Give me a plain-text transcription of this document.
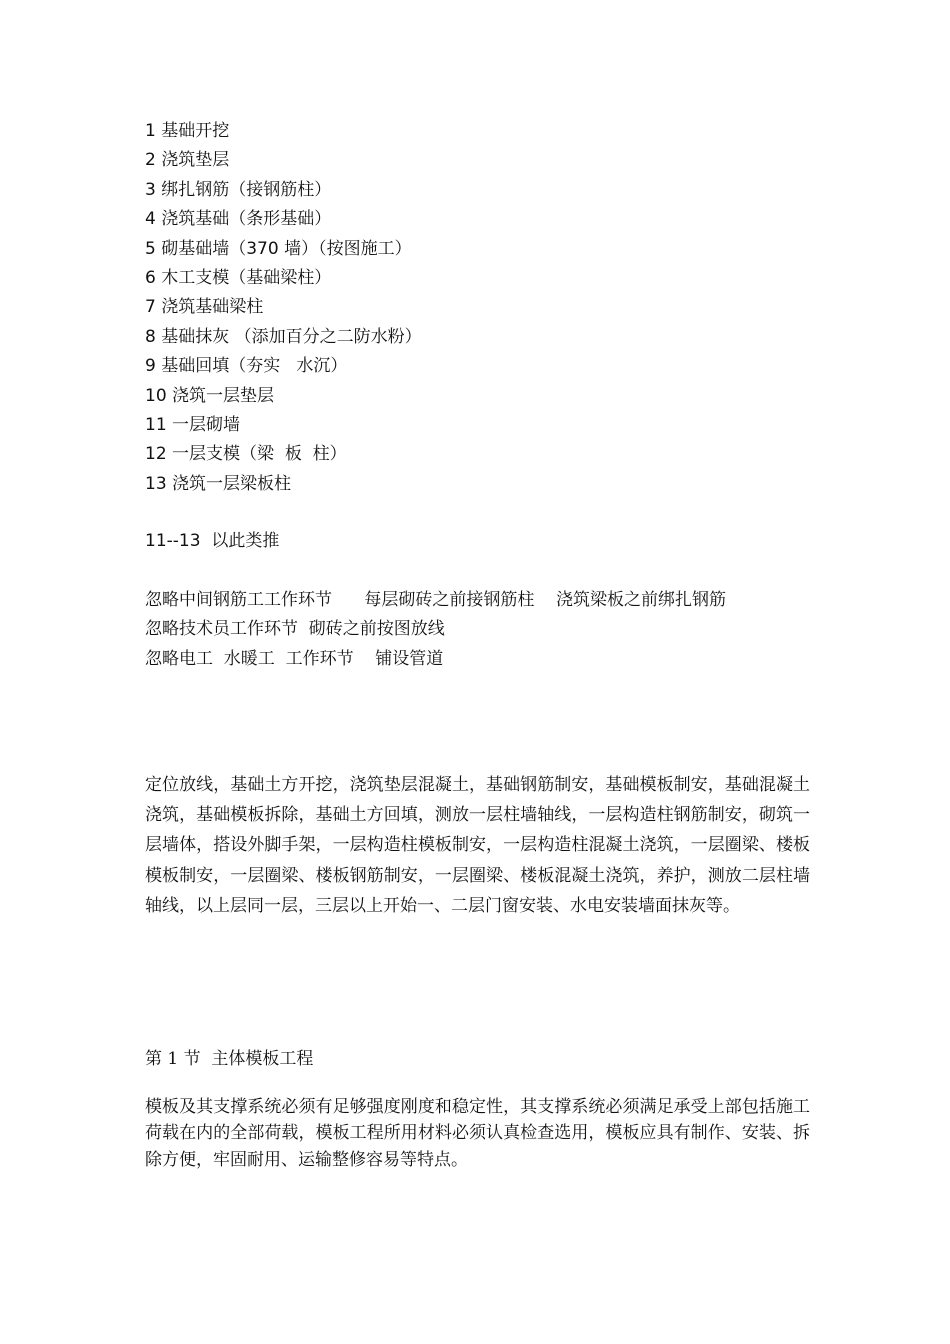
1 基础开挖
2 浇筑垫层
3 绑扎钢筋（接钢筋柱）
4 浇筑基础（条形基础）
5 砌基础墙（370 墙）（按图施工）
6 木工支模（基础梁柱）
7 浇筑基础梁柱
8 基础抹灰 （添加百分之二防水粉）
9 基础回填（夯实   水沉）
10 浇筑一层垫层
11 一层砌墙
12 一层支模（梁  板  柱）
13 浇筑一层梁板柱

11--13  以此类推

忽略中间钢筋工工作环节      每层砌砖之前接钢筋柱    浇筑梁板之前绑扎钢筋
忽略技术员工作环节  砌砖之前按图放线
忽略电工  水暖工  工作环节    铺设管道

定位放线，基础土方开挖，浇筑垫层混凝土，基础钢筋制安，基础模板制安，基础混凝土浇筑，基础模板拆除，基础土方回填，测放一层柱墙轴线，一层构造柱钢筋制安，砌筑一层墙体，搭设外脚手架，一层构造柱模板制安，一层构造柱混凝土浇筑，一层圈梁、楼板模板制安，一层圈梁、楼板钢筋制安，一层圈梁、楼板混凝土浇筑，养护，测放二层柱墙轴线，以上层同一层，三层以上开始一、二层门窗安装、水电安装墙面抹灰等。

第 1 节  主体模板工程

模板及其支撑系统必须有足够强度刚度和稳定性，其支撑系统必须满足承受上部包括施工荷载在内的全部荷载，模板工程所用材料必须认真检查选用，模板应具有制作、安装、拆除方便，牢固耐用、运输整修容易等特点。
